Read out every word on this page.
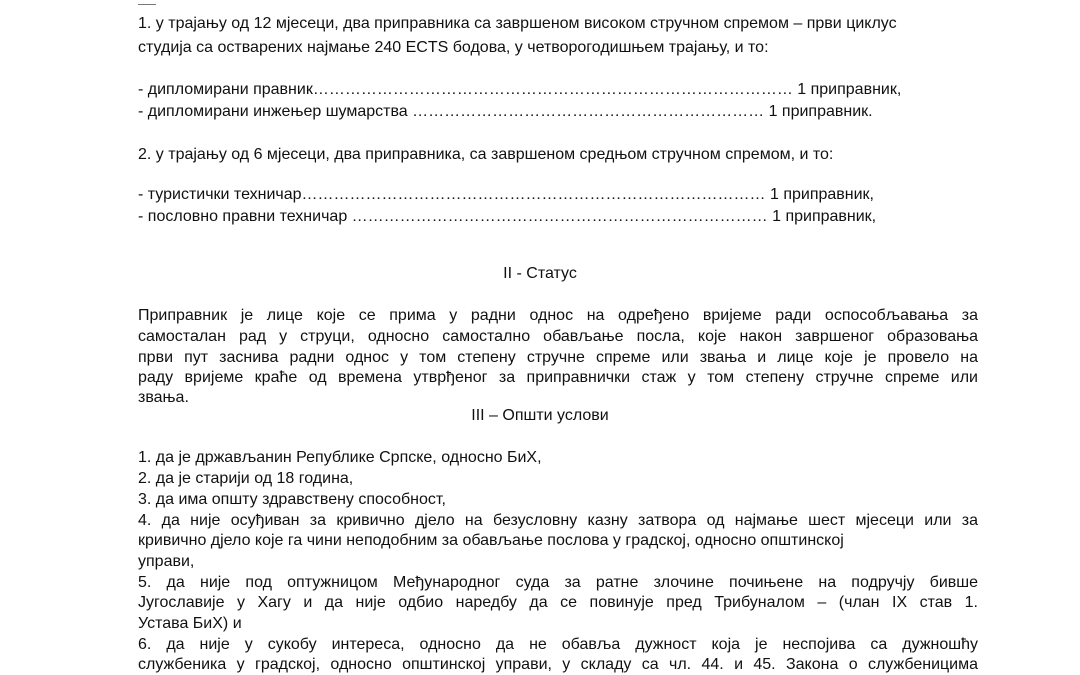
1. у трајању од 12 мјесеци, два приправника са завршеном високом стручном спремом – први циклус
студија са остварених најмање 240 ECTS бодова, у четворогодишњем трајању, и то:
- дипломирани правник……………………………………………………………………………… 1 приправник,
- дипломирани инжењер шумарства ………………………………………………………… 1 приправник.
2. у трајању од 6 мјесеци, два приправника, са завршеном средњом стручном спремом, и то:
- туристички техничар…………………………………………………………………………… 1 приправник,
- пословно правни техничар …………………………………………………………………… 1 приправник,
II - Статус
Приправник је лице које се прима у радни однос на одређено вријеме ради оспособљавања за
самосталан рад у струци, односно самостално обављање посла, које након завршеног образовања
први пут заснива радни однос у том степену стручне спреме или звања и лице које је провело на
раду вријеме краће од времена утврђеног за приправнички стаж у том степену стручне спреме или
звања.
III – Општи услови
1. да је држављанин Републике Српске, односно БиХ,
2. да је старији од 18 година,
3. да има општу здравствену способност,
4. да није осуђиван за кривично дјело на безусловну казну затвора од најмање шест мјесеци или за
кривично дјело које га чини неподобним за обављање послова у градској, односно општинској
управи,
5. да није под оптужницом Међународног суда за ратне злочине почињене на подручју бивше
Југославије у Хагу и да није одбио наредбу да се повинује пред Трибуналом – (члан IX став 1.
Устава БиХ) и
6. да није у сукобу интереса, односно да не обавља дужност која је неспојива са дужношћу
службеника у градској, односно општинској управи, у складу са чл. 44. и 45. Закона о службеницима
